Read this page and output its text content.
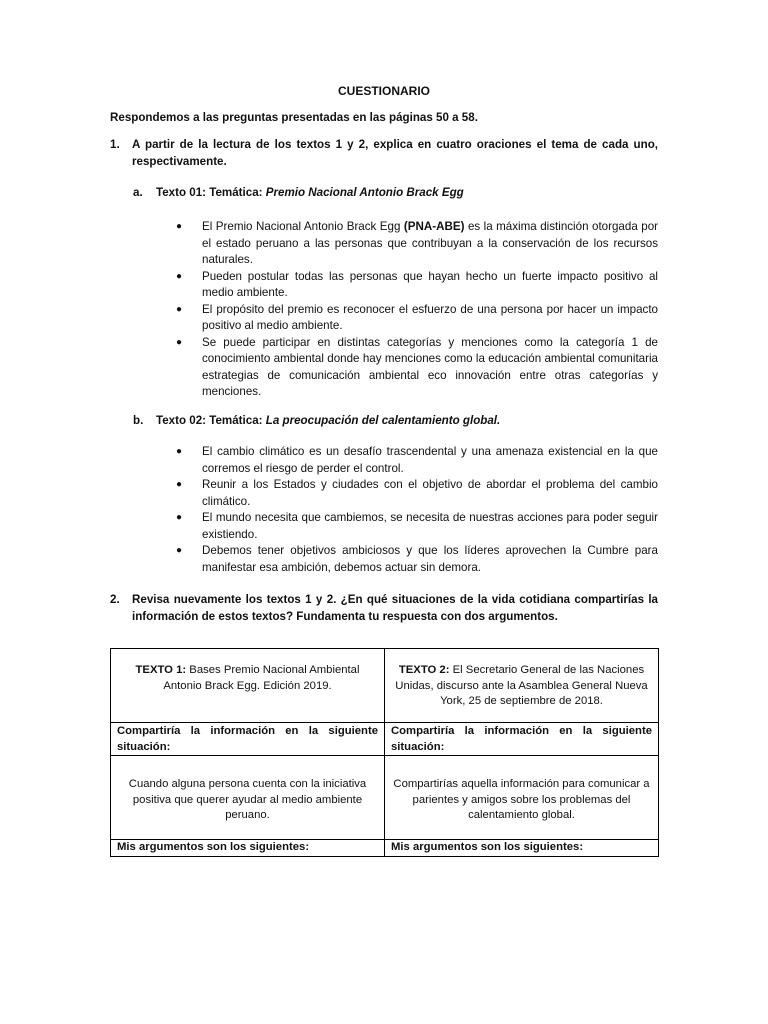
CUESTIONARIO
Respondemos a las preguntas presentadas en las páginas 50 a 58.
1. A partir de la lectura de los textos 1 y 2, explica en cuatro oraciones el tema de cada uno, respectivamente.
a. Texto 01: Temática: Premio Nacional Antonio Brack Egg
● El Premio Nacional Antonio Brack Egg (PNA-ABE) es la máxima distinción otorgada por el estado peruano a las personas que contribuyan a la conservación de los recursos naturales.
● Pueden postular todas las personas que hayan hecho un fuerte impacto positivo al medio ambiente.
● El propósito del premio es reconocer el esfuerzo de una persona por hacer un impacto positivo al medio ambiente.
● Se puede participar en distintas categorías y menciones como la categoría 1 de conocimiento ambiental donde hay menciones como la educación ambiental comunitaria estrategias de comunicación ambiental eco innovación entre otras categorías y menciones.
b. Texto 02: Temática: La preocupación del calentamiento global.
● El cambio climático es un desafío trascendental y una amenaza existencial en la que corremos el riesgo de perder el control.
● Reunir a los Estados y ciudades con el objetivo de abordar el problema del cambio climático.
● El mundo necesita que cambiemos, se necesita de nuestras acciones para poder seguir existiendo.
● Debemos tener objetivos ambiciosos y que los líderes aprovechen la Cumbre para manifestar esa ambición, debemos actuar sin demora.
2. Revisa nuevamente los textos 1 y 2. ¿En qué situaciones de la vida cotidiana compartirías la información de estos textos? Fundamenta tu respuesta con dos argumentos.
TEXTO 1: Bases Premio Nacional Ambiental Antonio Brack Egg. Edición 2019.	TEXTO 2: El Secretario General de las Naciones Unidas, discurso ante la Asamblea General Nueva York, 25 de septiembre de 2018.
Compartiría la información en la siguiente situación:	Compartiría la información en la siguiente situación:
Cuando alguna persona cuenta con la iniciativa positiva que querer ayudar al medio ambiente peruano.	Compartirías aquella información para comunicar a parientes y amigos sobre los problemas del calentamiento global.
Mis argumentos son los siguientes:	Mis argumentos son los siguientes:
